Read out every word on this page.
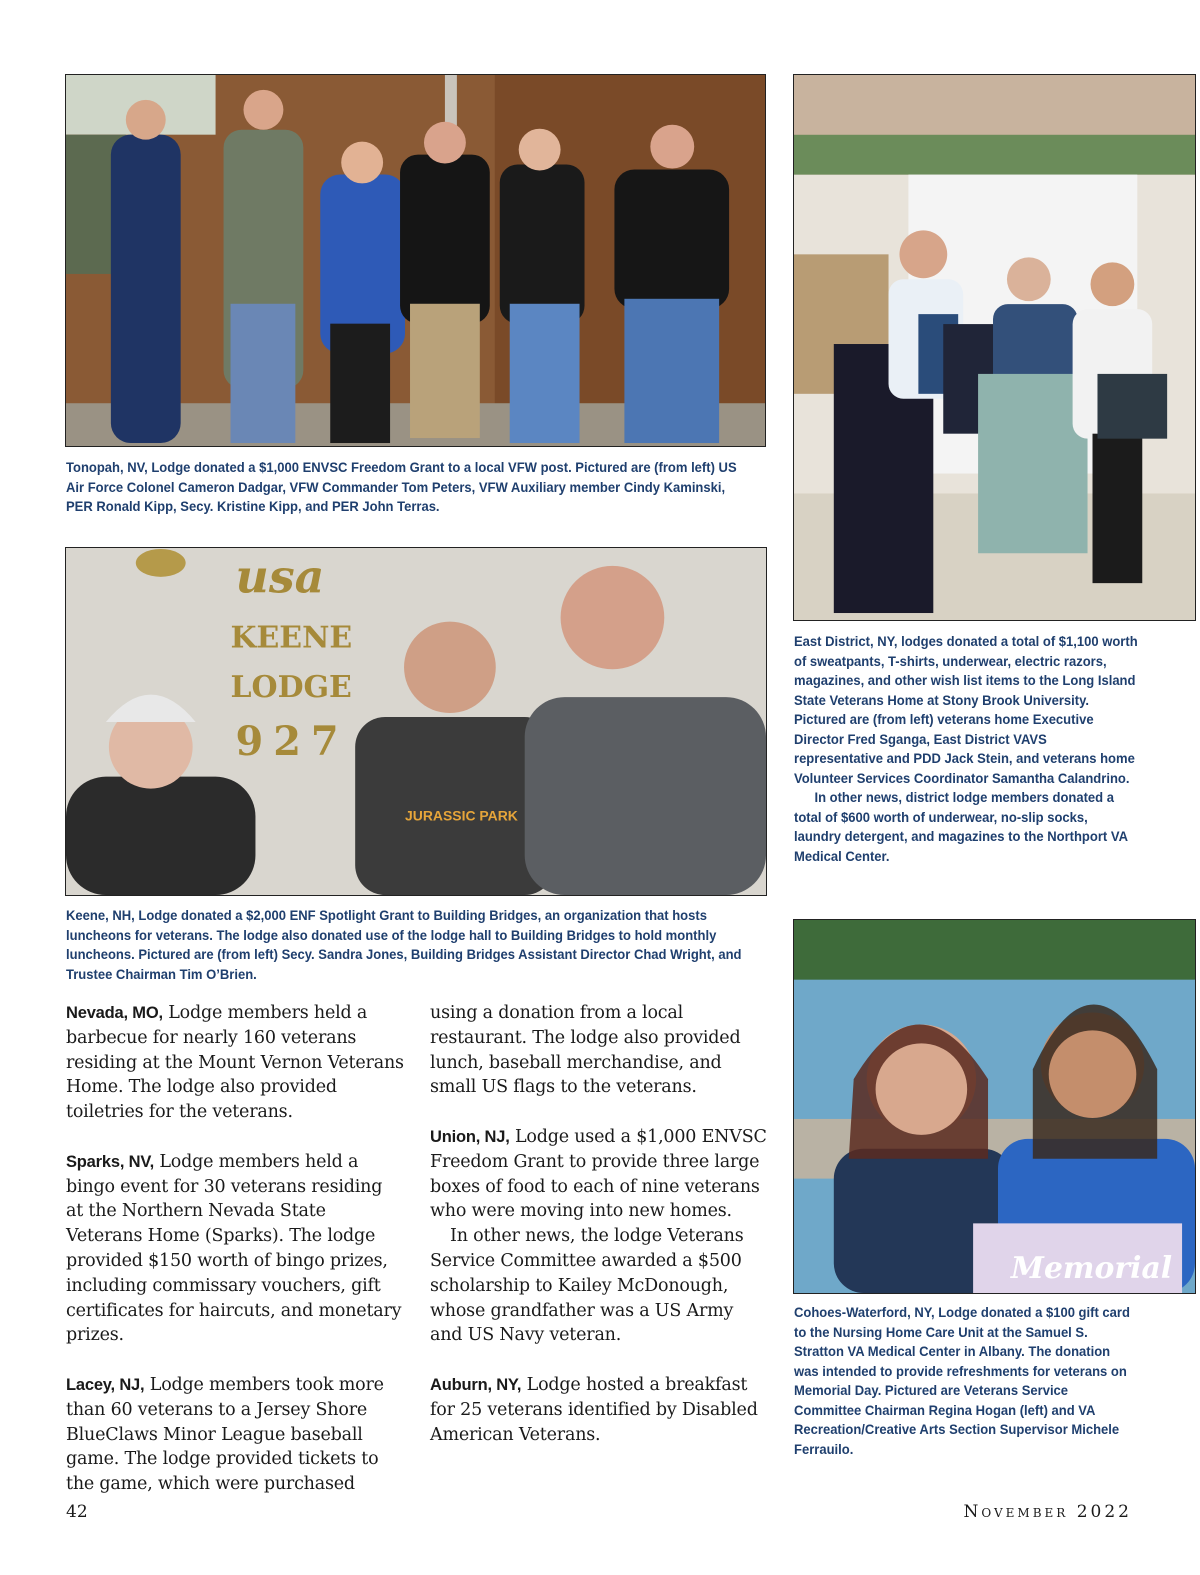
Tonopah, NV, Lodge donated a $1,000 ENVSC Freedom Grant to a local VFW post. Pictured are (from left) US Air Force Colonel Cameron Dadgar, VFW Commander Tom Peters, VFW Auxiliary member Cindy Kaminski, PER Ronald Kipp, Secy. Kristine Kipp, and PER John Terras.

East District, NY, lodges donated a total of $1,100 worth of sweatpants, T-shirts, underwear, electric razors, magazines, and other wish list items to the Long Island State Veterans Home at Stony Brook University. Pictured are (from left) veterans home Executive Director Fred Sganga, East District VAVS representative and PDD Jack Stein, and veterans home Volunteer Services Coordinator Samantha Calandrino.

In other news, district lodge members donated a total of $600 worth of underwear, no-slip socks, laundry detergent, and magazines to the Northport VA Medical Center.

usa
KEENE
LODGE
927
JURASSIC PARK

Keene, NH, Lodge donated a $2,000 ENF Spotlight Grant to Building Bridges, an organization that hosts luncheons for veterans. The lodge also donated use of the lodge hall to Building Bridges to hold monthly luncheons. Pictured are (from left) Secy. Sandra Jones, Building Bridges Assistant Director Chad Wright, and Trustee Chairman Tim O’Brien.

Memorial

Cohoes-Waterford, NY, Lodge donated a $100 gift card to the Nursing Home Care Unit at the Samuel S. Stratton VA Medical Center in Albany. The donation was intended to provide refreshments for veterans on Memorial Day. Pictured are Veterans Service Committee Chairman Regina Hogan (left) and VA Recreation/Creative Arts Section Supervisor Michele Ferrauilo.

Nevada, MO, Lodge members held a barbecue for nearly 160 veterans residing at the Mount Vernon Veterans Home. The lodge also provided toiletries for the veterans.

Sparks, NV, Lodge members held a bingo event for 30 veterans residing at the Northern Nevada State Veterans Home (Sparks). The lodge provided $150 worth of bingo prizes, including commissary vouchers, gift certificates for haircuts, and monetary prizes.

Lacey, NJ, Lodge members took more than 60 veterans to a Jersey Shore BlueClaws Minor League baseball game. The lodge provided tickets to the game, which were purchased

using a donation from a local restaurant. The lodge also provided lunch, baseball merchandise, and small US flags to the veterans.

Union, NJ, Lodge used a $1,000 ENVSC Freedom Grant to provide three large boxes of food to each of nine veterans who were moving into new homes.

In other news, the lodge Veterans Service Committee awarded a $500 scholarship to Kailey McDonough, whose grandfather was a US Army and US Navy veteran.

Auburn, NY, Lodge hosted a breakfast for 25 veterans identified by Disabled American Veterans.

42	November 2022
